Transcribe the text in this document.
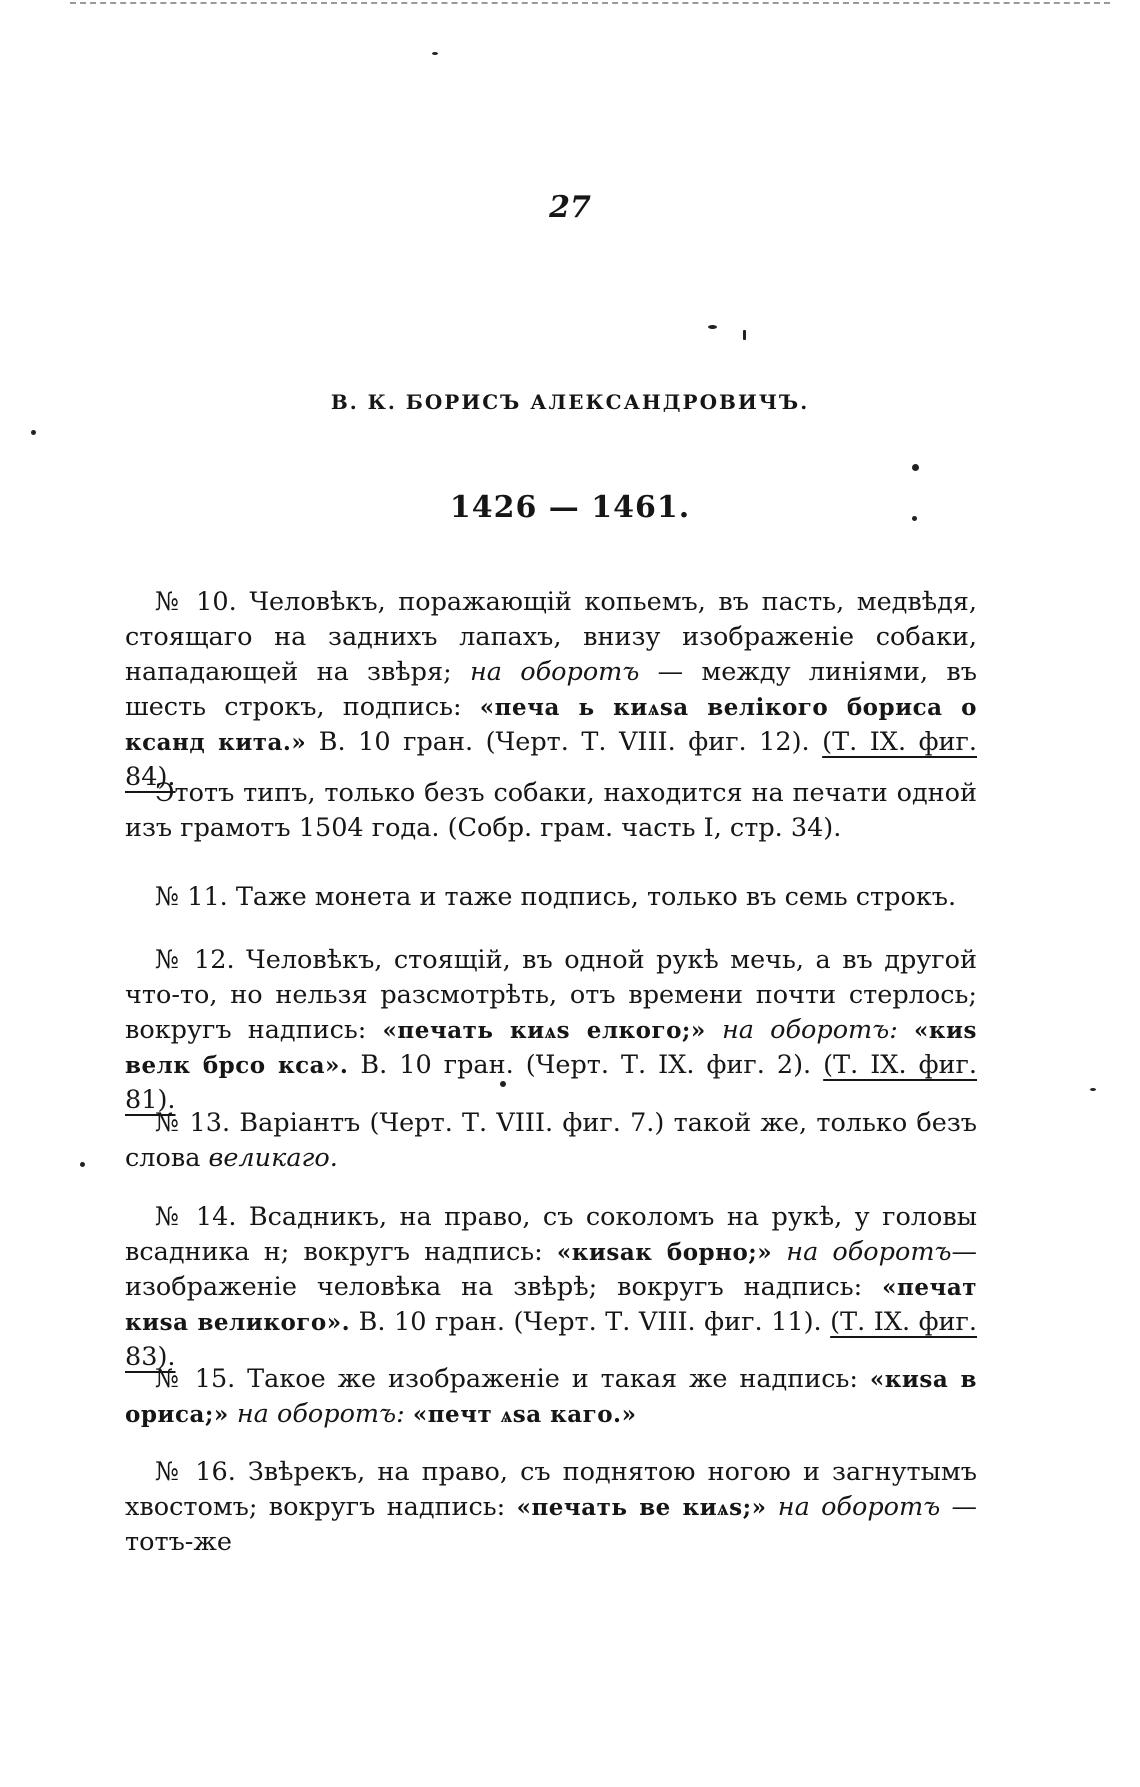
27
В. К. БОРИСЪ АЛЕКСАНДРОВИЧЪ.
1426 — 1461.

№ 10. Человѣкъ, поражающій копьемъ, въ пасть, медвѣдя, стоящаго на заднихъ лапахъ, внизу изображеніе собаки, нападающей на звѣря; на оборотъ — между линіями, въ шесть строкъ, подпись: «печа ь киѧѕа велікого бориса о ксанд кита.» В. 10 гран. (Черт. Т. VIII. фиг. 12). (Т. IX. фиг. 84).

Этотъ типъ, только безъ собаки, находится на печати одной изъ грамотъ 1504 года. (Собр. грам. часть I, стр. 34).

№ 11. Таже монета и таже подпись, только въ семь строкъ.

№ 12. Человѣкъ, стоящій, въ одной рукѣ мечь, а въ другой что-то, но нельзя разсмотрѣть, отъ времени почти стерлось; вокругъ надпись: «печать киѧѕ елкого;» на оборотъ: «киѕ велк брсо кса». В. 10 гран. (Черт. Т. IX. фиг. 2). (Т. IX. фиг. 81).

№ 13. Варіантъ (Черт. Т. VIII. фиг. 7.) такой же, только безъ слова великаго.

№ 14. Всадникъ, на право, съ соколомъ на рукѣ, у головы всадника н; вокругъ надпись: «киѕак борно;» на оборотъ—изображеніе человѣка на звѣрѣ; вокругъ надпись: «печат киѕа великого». В. 10 гран. (Черт. Т. VIII. фиг. 11). (Т. IX. фиг. 83).

№ 15. Такое же изображеніе и такая же надпись: «киѕа в ориса;» на оборотъ: «печт ѧѕа каго.»

№ 16. Звѣрекъ, на право, съ поднятою ногою и загнутымъ хвостомъ; вокругъ надпись: «печать ве киѧѕ;» на оборотъ — тотъ-же
